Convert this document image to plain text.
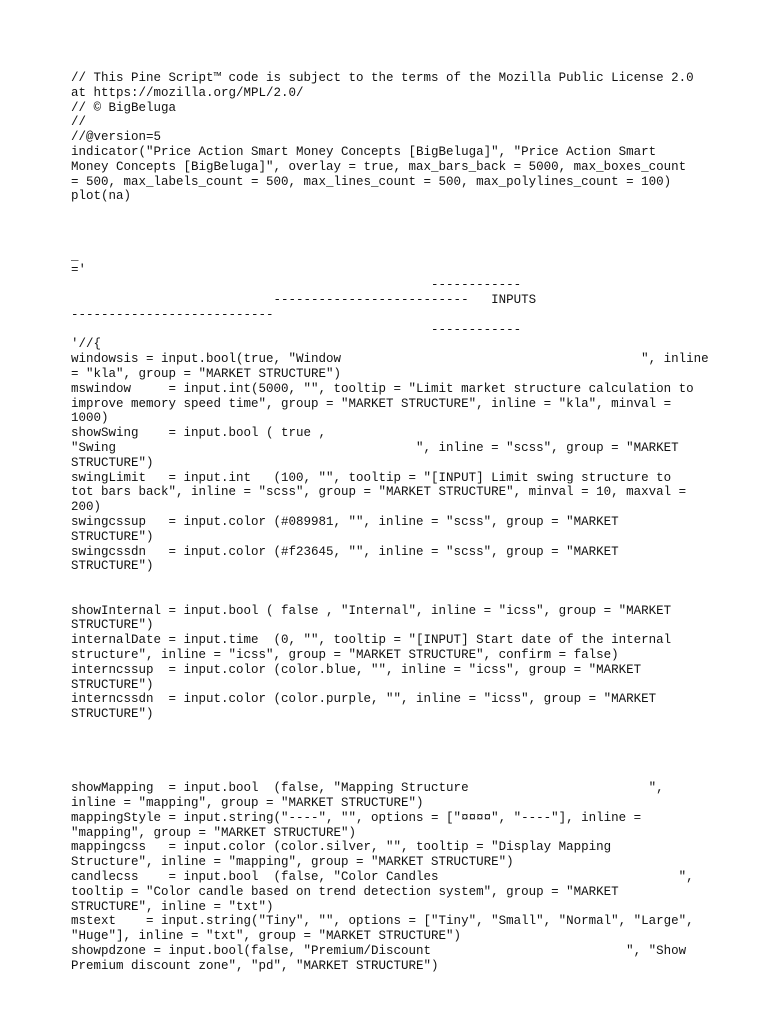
// This Pine Script™ code is subject to the terms of the Mozilla Public License 2.0
at https://mozilla.org/MPL/2.0/
// © BigBeluga
//
//@version=5
indicator("Price Action Smart Money Concepts [BigBeluga]", "Price Action Smart
Money Concepts [BigBeluga]", overlay = true, max_bars_back = 5000, max_boxes_count
= 500, max_labels_count = 500, max_lines_count = 500, max_polylines_count = 100)
plot(na)
_
='
------------
--------------------------   INPUTS
---------------------------
------------
'//{
windowsis = input.bool(true, "Window                                        ", inline
= "kla", group = "MARKET STRUCTURE")
mswindow     = input.int(5000, "", tooltip = "Limit market structure calculation to
improve memory speed time", group = "MARKET STRUCTURE", inline = "kla", minval =
1000)
showSwing    = input.bool ( true ,
"Swing                                        ", inline = "scss", group = "MARKET
STRUCTURE")
swingLimit   = input.int   (100, "", tooltip = "[INPUT] Limit swing structure to
tot bars back", inline = "scss", group = "MARKET STRUCTURE", minval = 10, maxval =
200)
swingcssup   = input.color (#089981, "", inline = "scss", group = "MARKET
STRUCTURE")
swingcssdn   = input.color (#f23645, "", inline = "scss", group = "MARKET
STRUCTURE")
showInternal = input.bool ( false , "Internal", inline = "icss", group = "MARKET
STRUCTURE")
internalDate = input.time  (0, "", tooltip = "[INPUT] Start date of the internal
structure", inline = "icss", group = "MARKET STRUCTURE", confirm = false)
interncssup  = input.color (color.blue, "", inline = "icss", group = "MARKET
STRUCTURE")
interncssdn  = input.color (color.purple, "", inline = "icss", group = "MARKET
STRUCTURE")
showMapping  = input.bool  (false, "Mapping Structure                        ",
inline = "mapping", group = "MARKET STRUCTURE")
mappingStyle = input.string("----", "", options = ["¤¤¤¤", "----"], inline =
"mapping", group = "MARKET STRUCTURE")
mappingcss   = input.color (color.silver, "", tooltip = "Display Mapping
Structure", inline = "mapping", group = "MARKET STRUCTURE")
candlecss    = input.bool  (false, "Color Candles                                ",
tooltip = "Color candle based on trend detection system", group = "MARKET
STRUCTURE", inline = "txt")
mstext    = input.string("Tiny", "", options = ["Tiny", "Small", "Normal", "Large",
"Huge"], inline = "txt", group = "MARKET STRUCTURE")
showpdzone = input.bool(false, "Premium/Discount                          ", "Show
Premium discount zone", "pd", "MARKET STRUCTURE")
